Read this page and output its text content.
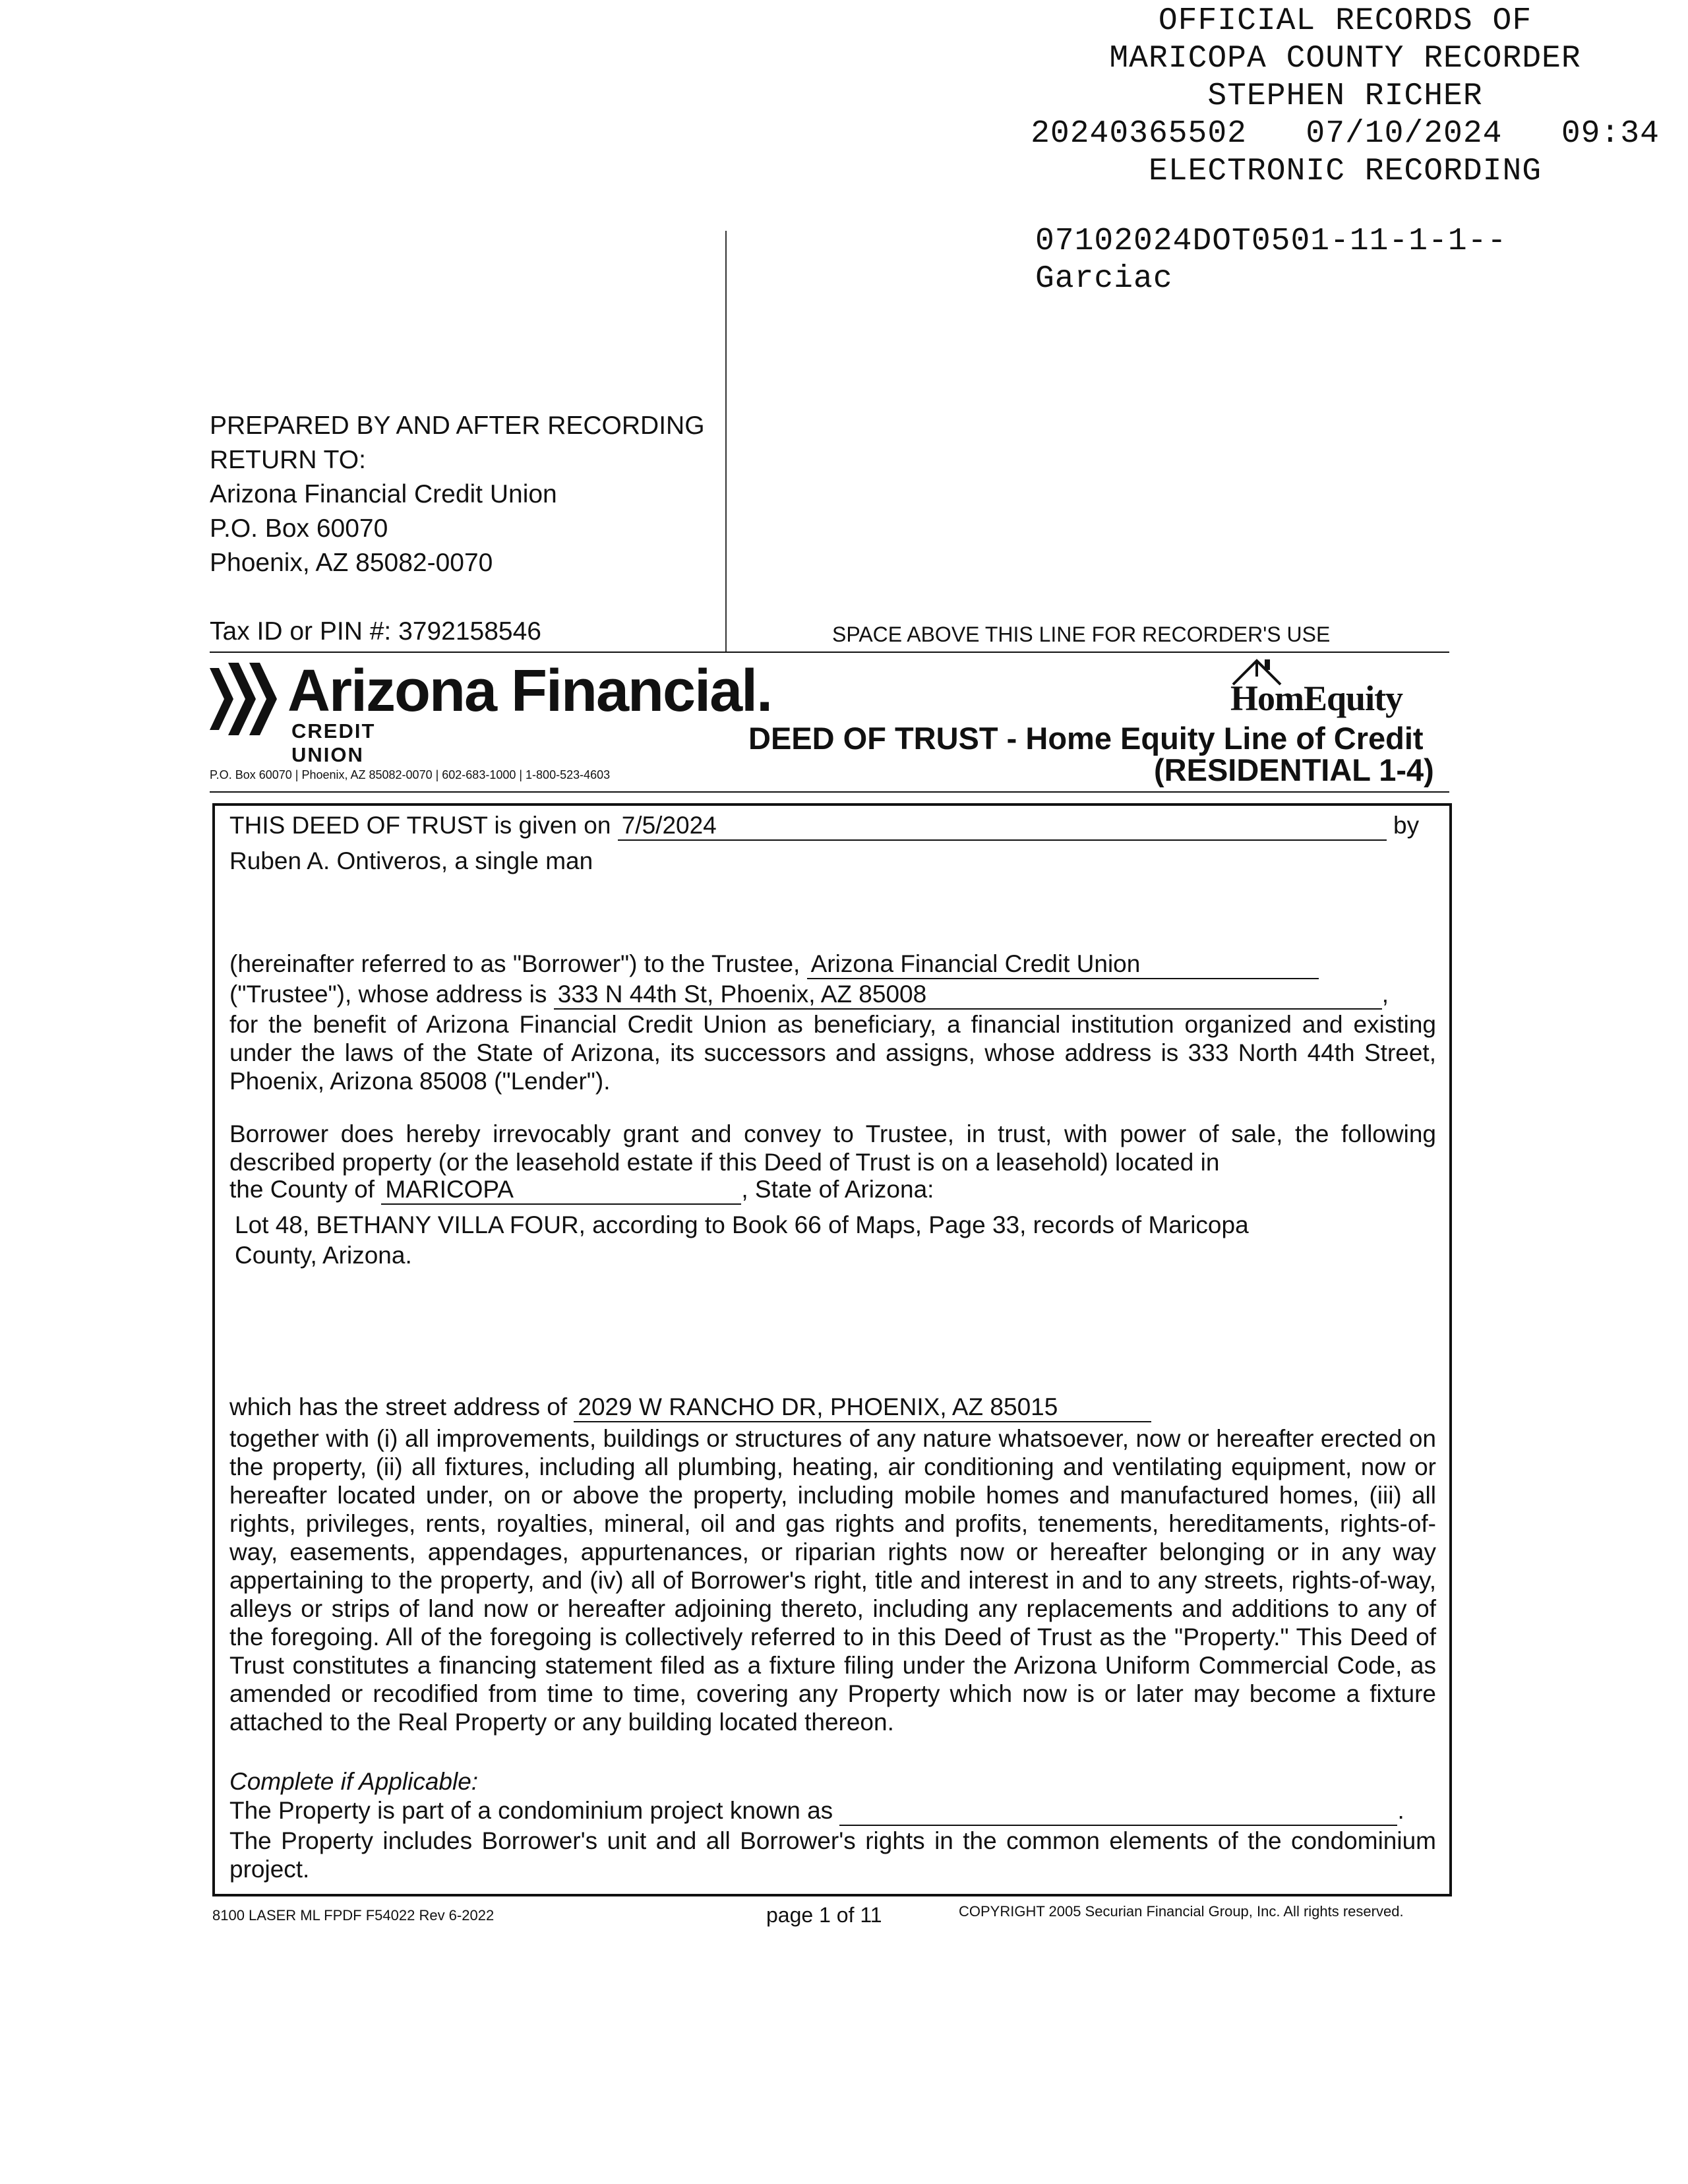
OFFICIAL RECORDS OF
MARICOPA COUNTY RECORDER
STEPHEN RICHER
20240365502 07/10/2024 09:34
ELECTRONIC RECORDING
07102024DOT0501-11-1-1--
Garciac
PREPARED BY AND AFTER RECORDING
RETURN TO:
Arizona Financial Credit Union
P.O. Box 60070
Phoenix, AZ 85082-0070
Tax ID or PIN #: 3792158546	SPACE ABOVE THIS LINE FOR RECORDER'S USE
Arizona Financial.
CREDIT UNION
P.O. Box 60070 | Phoenix, AZ 85082-0070 | 602-683-1000 | 1-800-523-4603
HomEquity
DEED OF TRUST - Home Equity Line of Credit
(RESIDENTIAL 1-4)
THIS DEED OF TRUST is given on 7/5/2024	by
Ruben A. Ontiveros, a single man
(hereinafter referred to as "Borrower") to the Trustee, Arizona Financial Credit Union
("Trustee"), whose address is 333 N 44th St, Phoenix, AZ 85008	,
for the benefit of Arizona Financial Credit Union as beneficiary, a financial institution organized and existing under the laws of the State of Arizona, its successors and assigns, whose address is 333 North 44th Street, Phoenix, Arizona 85008 ("Lender").
Borrower does hereby irrevocably grant and convey to Trustee, in trust, with power of sale, the following described property (or the leasehold estate if this Deed of Trust is on a leasehold) located in
the County of MARICOPA	, State of Arizona:
Lot 48, BETHANY VILLA FOUR, according to Book 66 of Maps, Page 33, records of Maricopa
County, Arizona.
which has the street address of 2029 W RANCHO DR, PHOENIX, AZ 85015
together with (i) all improvements, buildings or structures of any nature whatsoever, now or hereafter erected on the property, (ii) all fixtures, including all plumbing, heating, air conditioning and ventilating equipment, now or hereafter located under, on or above the property, including mobile homes and manufactured homes, (iii) all rights, privileges, rents, royalties, mineral, oil and gas rights and profits, tenements, hereditaments, rights-of-way, easements, appendages, appurtenances, or riparian rights now or hereafter belonging or in any way appertaining to the property, and (iv) all of Borrower's right, title and interest in and to any streets, rights-of-way, alleys or strips of land now or hereafter adjoining thereto, including any replacements and additions to any of the foregoing. All of the foregoing is collectively referred to in this Deed of Trust as the "Property." This Deed of Trust constitutes a financing statement filed as a fixture filing under the Arizona Uniform Commercial Code, as amended or recodified from time to time, covering any Property which now is or later may become a fixture attached to the Real Property or any building located thereon.
Complete if Applicable:
The Property is part of a condominium project known as	.
The Property includes Borrower's unit and all Borrower's rights in the common elements of the condominium project.
8100 LASER ML FPDF F54022 Rev 6-2022	page 1 of 11	COPYRIGHT 2005 Securian Financial Group, Inc. All rights reserved.
